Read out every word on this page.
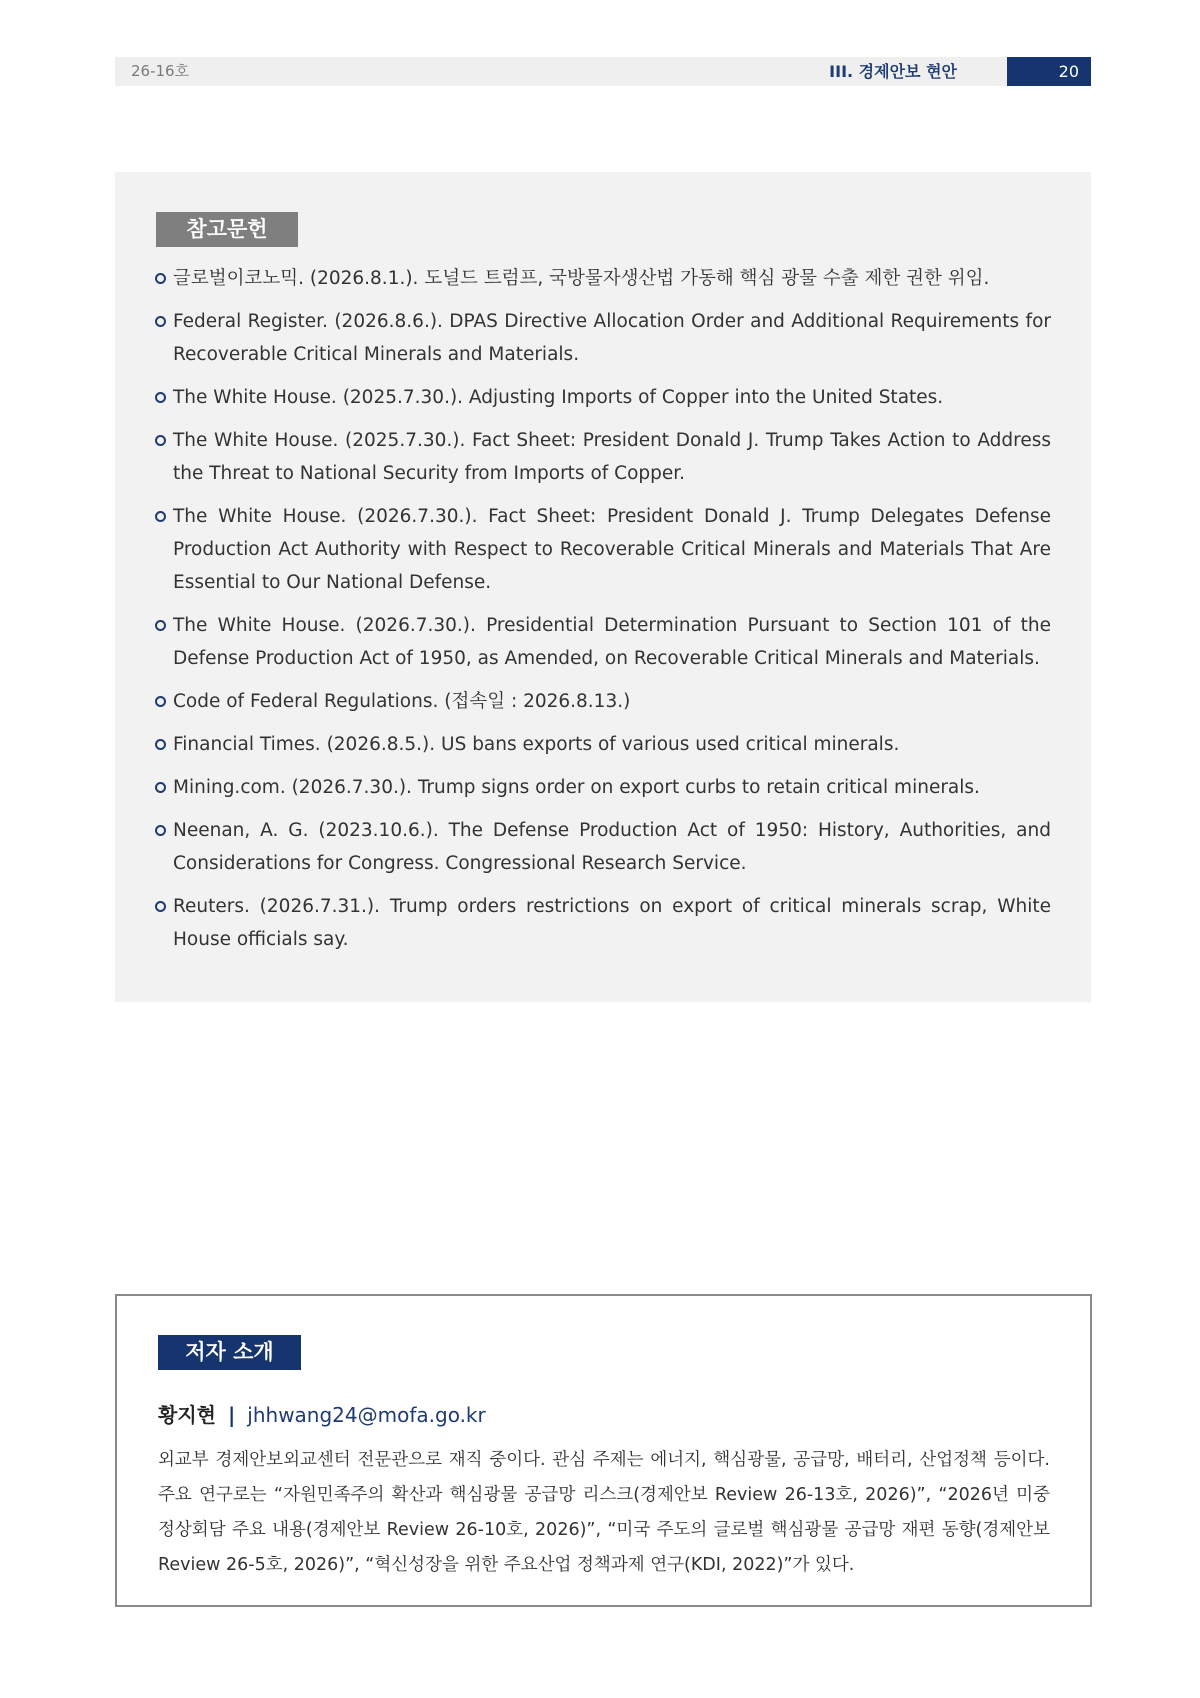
26-16호	III. 경제안보 현안	20
참고문헌
글로벌이코노믹. (2026.8.1.). 도널드 트럼프, 국방물자생산법 가동해 핵심 광물 수출 제한 권한 위임.
Federal Register. (2026.8.6.). DPAS Directive Allocation Order and Additional Requirements for Recoverable Critical Minerals and Materials.
The White House. (2025.7.30.). Adjusting Imports of Copper into the United States.
The White House. (2025.7.30.). Fact Sheet: President Donald J. Trump Takes Action to Address the Threat to National Security from Imports of Copper.
The White House. (2026.7.30.). Fact Sheet: President Donald J. Trump Delegates Defense Production Act Authority with Respect to Recoverable Critical Minerals and Materials That Are Essential to Our National Defense.
The White House. (2026.7.30.). Presidential Determination Pursuant to Section 101 of the Defense Production Act of 1950, as Amended, on Recoverable Critical Minerals and Materials.
Code of Federal Regulations. (접속일 : 2026.8.13.)
Financial Times. (2026.8.5.). US bans exports of various used critical minerals.
Mining.com. (2026.7.30.). Trump signs order on export curbs to retain critical minerals.
Neenan, A. G. (2023.10.6.). The Defense Production Act of 1950: History, Authorities, and Considerations for Congress. Congressional Research Service.
Reuters. (2026.7.31.). Trump orders restrictions on export of critical minerals scrap, White House officials say.
저자 소개
황지현 | jhhwang24@mofa.go.kr
외교부 경제안보외교센터 전문관으로 재직 중이다. 관심 주제는 에너지, 핵심광물, 공급망, 배터리, 산업정책 등이다. 주요 연구로는 “자원민족주의 확산과 핵심광물 공급망 리스크(경제안보 Review 26-13호, 2026)”, “2026년 미중 정상회담 주요 내용(경제안보 Review 26-10호, 2026)”, “미국 주도의 글로벌 핵심광물 공급망 재편 동향(경제안보 Review 26-5호, 2026)”, “혁신성장을 위한 주요산업 정책과제 연구(KDI, 2022)”가 있다.
